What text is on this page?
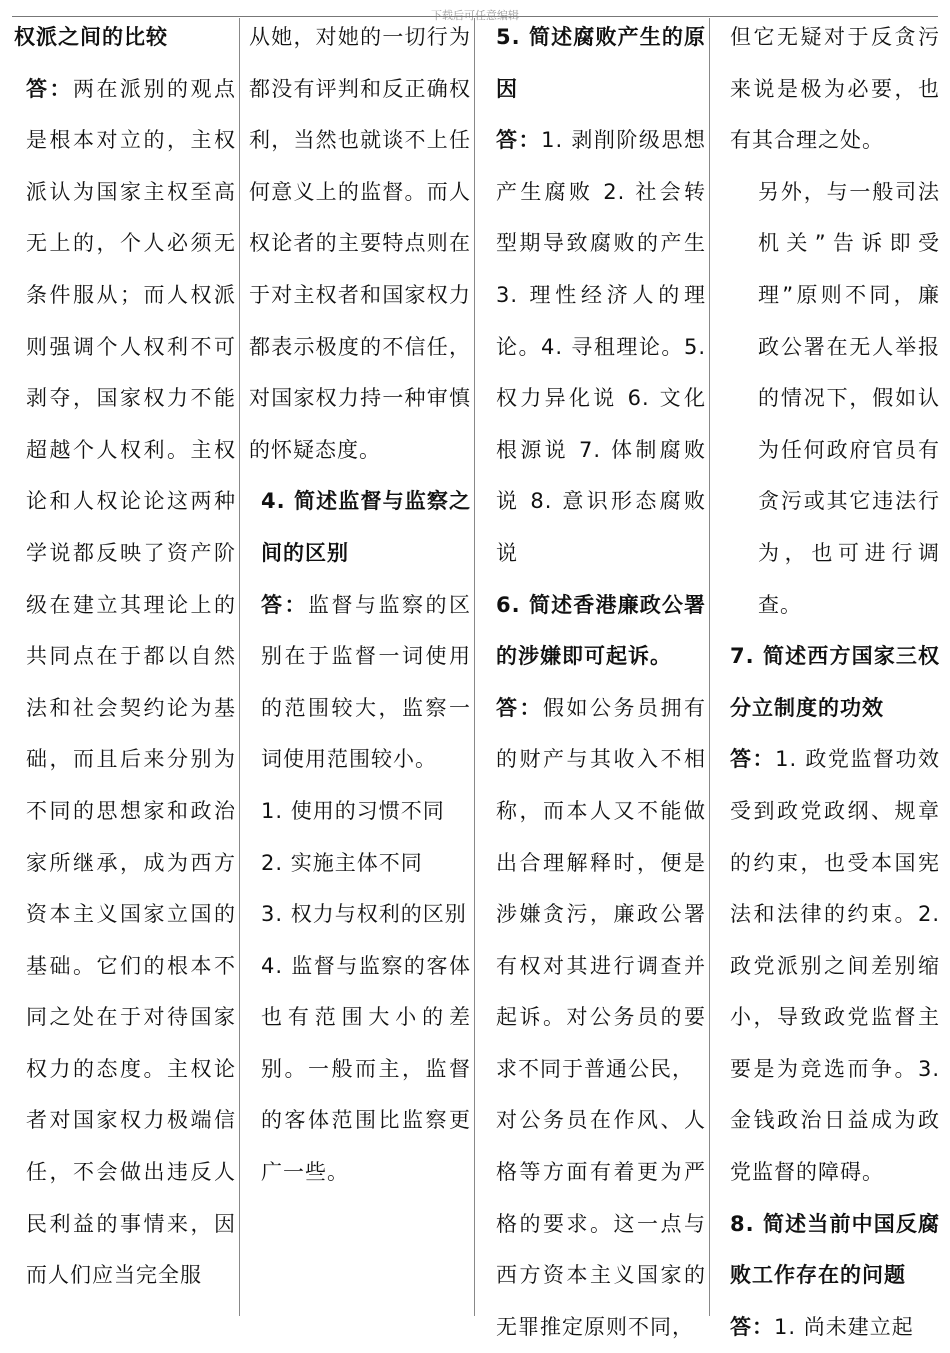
下载后可任意编辑

权派之间的比较

答：两在派别的观点是根本对立的，主权派认为国家主权至高无上的，个人必须无条件服从；而人权派则强调个人权利不可剥夺，国家权力不能超越个人权利。主权论和人权论论这两种学说都反映了资产阶级在建立其理论上的共同点在于都以自然法和社会契约论为基础，而且后来分别为不同的思想家和政治家所继承，成为西方资本主义国家立国的基础。它们的根本不同之处在于对待国家权力的态度。主权论者对国家权力极端信任，不会做出违反人民利益的事情来，因而人们应当完全服

从她，对她的一切行为都没有评判和反正确权利，当然也就谈不上任何意义上的监督。而人权论者的主要特点则在于对主权者和国家权力都表示极度的不信任，对国家权力持一种审慎的怀疑态度。

4. 简述监督与监察之间的区别

答：监督与监察的区别在于监督一词使用的范围较大，监察一词使用范围较小。

1. 使用的习惯不同

2. 实施主体不同

3. 权力与权利的区别

4. 监督与监察的客体也有范围大小的差别。一般而主，监督的客体范围比监察更广一些。

5. 简述腐败产生的原因

答：1. 剥削阶级思想产生腐败 2. 社会转型期导致腐败的产生 3. 理性经济人的理论。4. 寻租理论。5. 权力异化说 6. 文化根源说 7. 体制腐败说 8. 意识形态腐败说

6. 简述香港廉政公署的涉嫌即可起诉。

答：假如公务员拥有的财产与其收入不相称，而本人又不能做出合理解释时，便是涉嫌贪污，廉政公署有权对其进行调查并起诉。对公务员的要求不同于普通公民，

对公务员在作风、人格等方面有着更为严格的要求。这一点与西方资本主义国家的无罪推定原则不同，

但它无疑对于反贪污来说是极为必要，也有其合理之处。

另外，与一般司法机关”告诉即受理”原则不同，廉政公署在无人举报的情况下，假如认为任何政府官员有贪污或其它违法行为，也可进行调查。

7. 简述西方国家三权分立制度的功效

答：1. 政党监督功效受到政党政纲、规章的约束，也受本国宪法和法律的约束。2. 政党派别之间差别缩小，导致政党监督主要是为竞选而争。3. 金钱政治日益成为政党监督的障碍。

8. 简述当前中国反腐败工作存在的问题

答：1. 尚未建立起
